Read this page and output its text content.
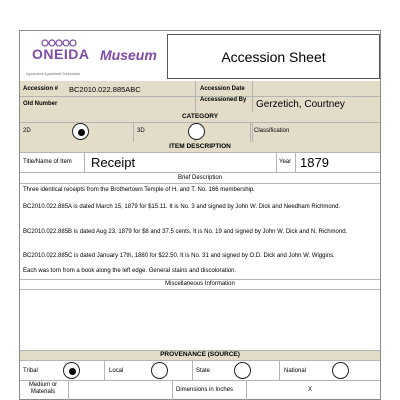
ONEIDA
Agwanahot Agwahlahti Tsiniswadis
Museum	Accession Sheet
Accession # BC2010.022.885ABC	Accession Date
Old Number
Accessioned By Gerzetich, Courtney
CATEGORY
2D	3D	Classification
ITEM DESCRIPTION
Title/Name of Item Receipt	Year 1879
Brief Description
Three identical receipts from the Brothertown Temple of H. and T. No. 166 membership.
BC2010.022.885A is dated March 15, 1879 for $15.11. It is No. 3 and signed by John W. Dick and Needham Richmond.
BC2010.022.885B is dated Aug 23, 1879 for $8 and 37.5 cents. It is No. 19 and signed by John W. Dick and N. Richmond.
BC2010.022.885C is dated January 17th, 1880 for $22.50. It is No. 31 and signed by O.D. Dick and John W. Wiggins.
Each was torn from a book along the left edge. General stains and discoloration.
Miscellaneous Information
PROVENANCE (SOURCE)
Tribal	Local	State	National
Medium or Materials	Dimensions in Inches	X
